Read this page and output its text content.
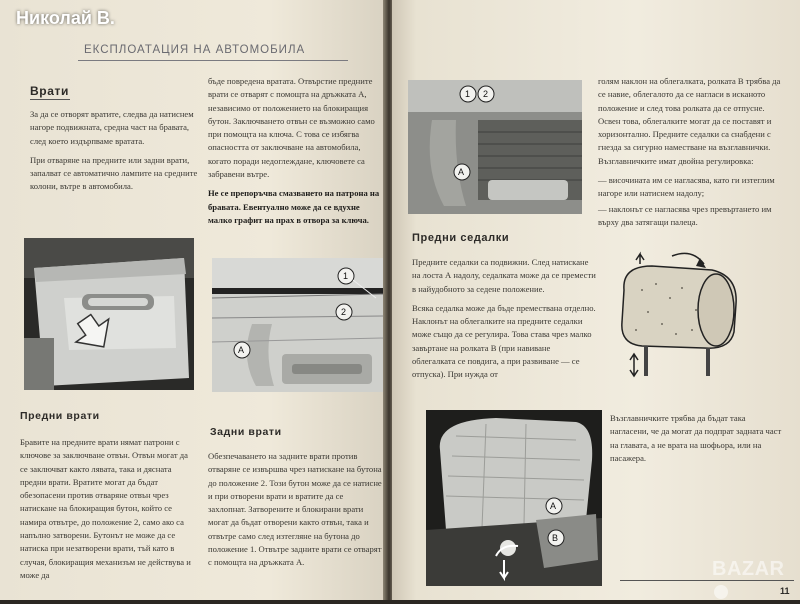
ЕКСПЛОАТАЦИЯ НА АВТОМОБИЛА
Врати

За да се отворят вратите, следва да натиснем нагоре подвижната, средна част на бравата, след което издърпваме вратата.

При отваряне на предните или задни врати, запалват се автоматично лампите на средните колони, вътре в автомобила.

бъде повредена вратата. Отвърстие предните врати се отварят с помощта на дръжката А, независимо от положението на блокиращия бутон. Заключването отвън се възможно само при помощта на ключа. С това се избягва опасността от заключване на автомобила, когато поради недоглеждане, ключовете са забравени вътре.

Не се препоръчва смазването на патрона на бравата. Евентуално може да се вдухне малко графит на прах в отвора за ключа.

1
2
А
Предни врати

Бравите на предните врати нямат патрони с ключове за заключване отвън. Отвън могат да се заключват както лявата, така и дясната предни врати. Вратите могат да бъдат обезопасени против отваряне отвън чрез натискане на блокиращия бутон, който се намира отвътре, до положение 2, само ако са напълно затворени. Бутонът не може да се натиска при незатворени врати, тъй като в случая, блокиращия механизъм не действува и може да

Задни врати

Обезпечаването на задните врати против отваряне се извършва чрез натискане на бутона до положение 2. Този бутон може да се натисне и при отворени врати и вратите да се захлопнат. Затворените и блокирани врати могат да бъдат отворени както отвън, така и отвътре само след изтегляне на бутона до положение 1. Отвътре задните врати се отварят с помощта на дръжката А.

1 2
А

голям наклон на облегалката, ролката В трябва да се навие, облегалото да се нагласи в исканото положение и след това ролката да се отпусне. Освен това, облегалките могат да се поставят и хоризонтално. Предните седалки са снабдени с гнезда за сигурно наместване на възглавнички. Възглавничките имат двойна регулировка:

— височината им се нагласява, като ги изтеглим нагоре или натиснем надолу;

— наклонът се нагласява чрез превъртането им върху два затягащи палеца.

Предни седалки

Предните седалки са подвижни. След натискане на лоста А надолу, седалката може да се премести в найудобното за седене положение.

Всяка седалка може да бъде премествана отделно. Наклонът на облегалките на предните седалки може също да се регулира. Това става чрез малко завъртане на ролката В (при навиване облегалката се повдига, а при развиване — се отпуска). При нужда от

А
В

Възглавничките трябва да бъдат така нагласени, че да могат да подпрат задната част на главата, а не врата на шофьора, или на пасажера.

11
Николай В.
BAZAR
